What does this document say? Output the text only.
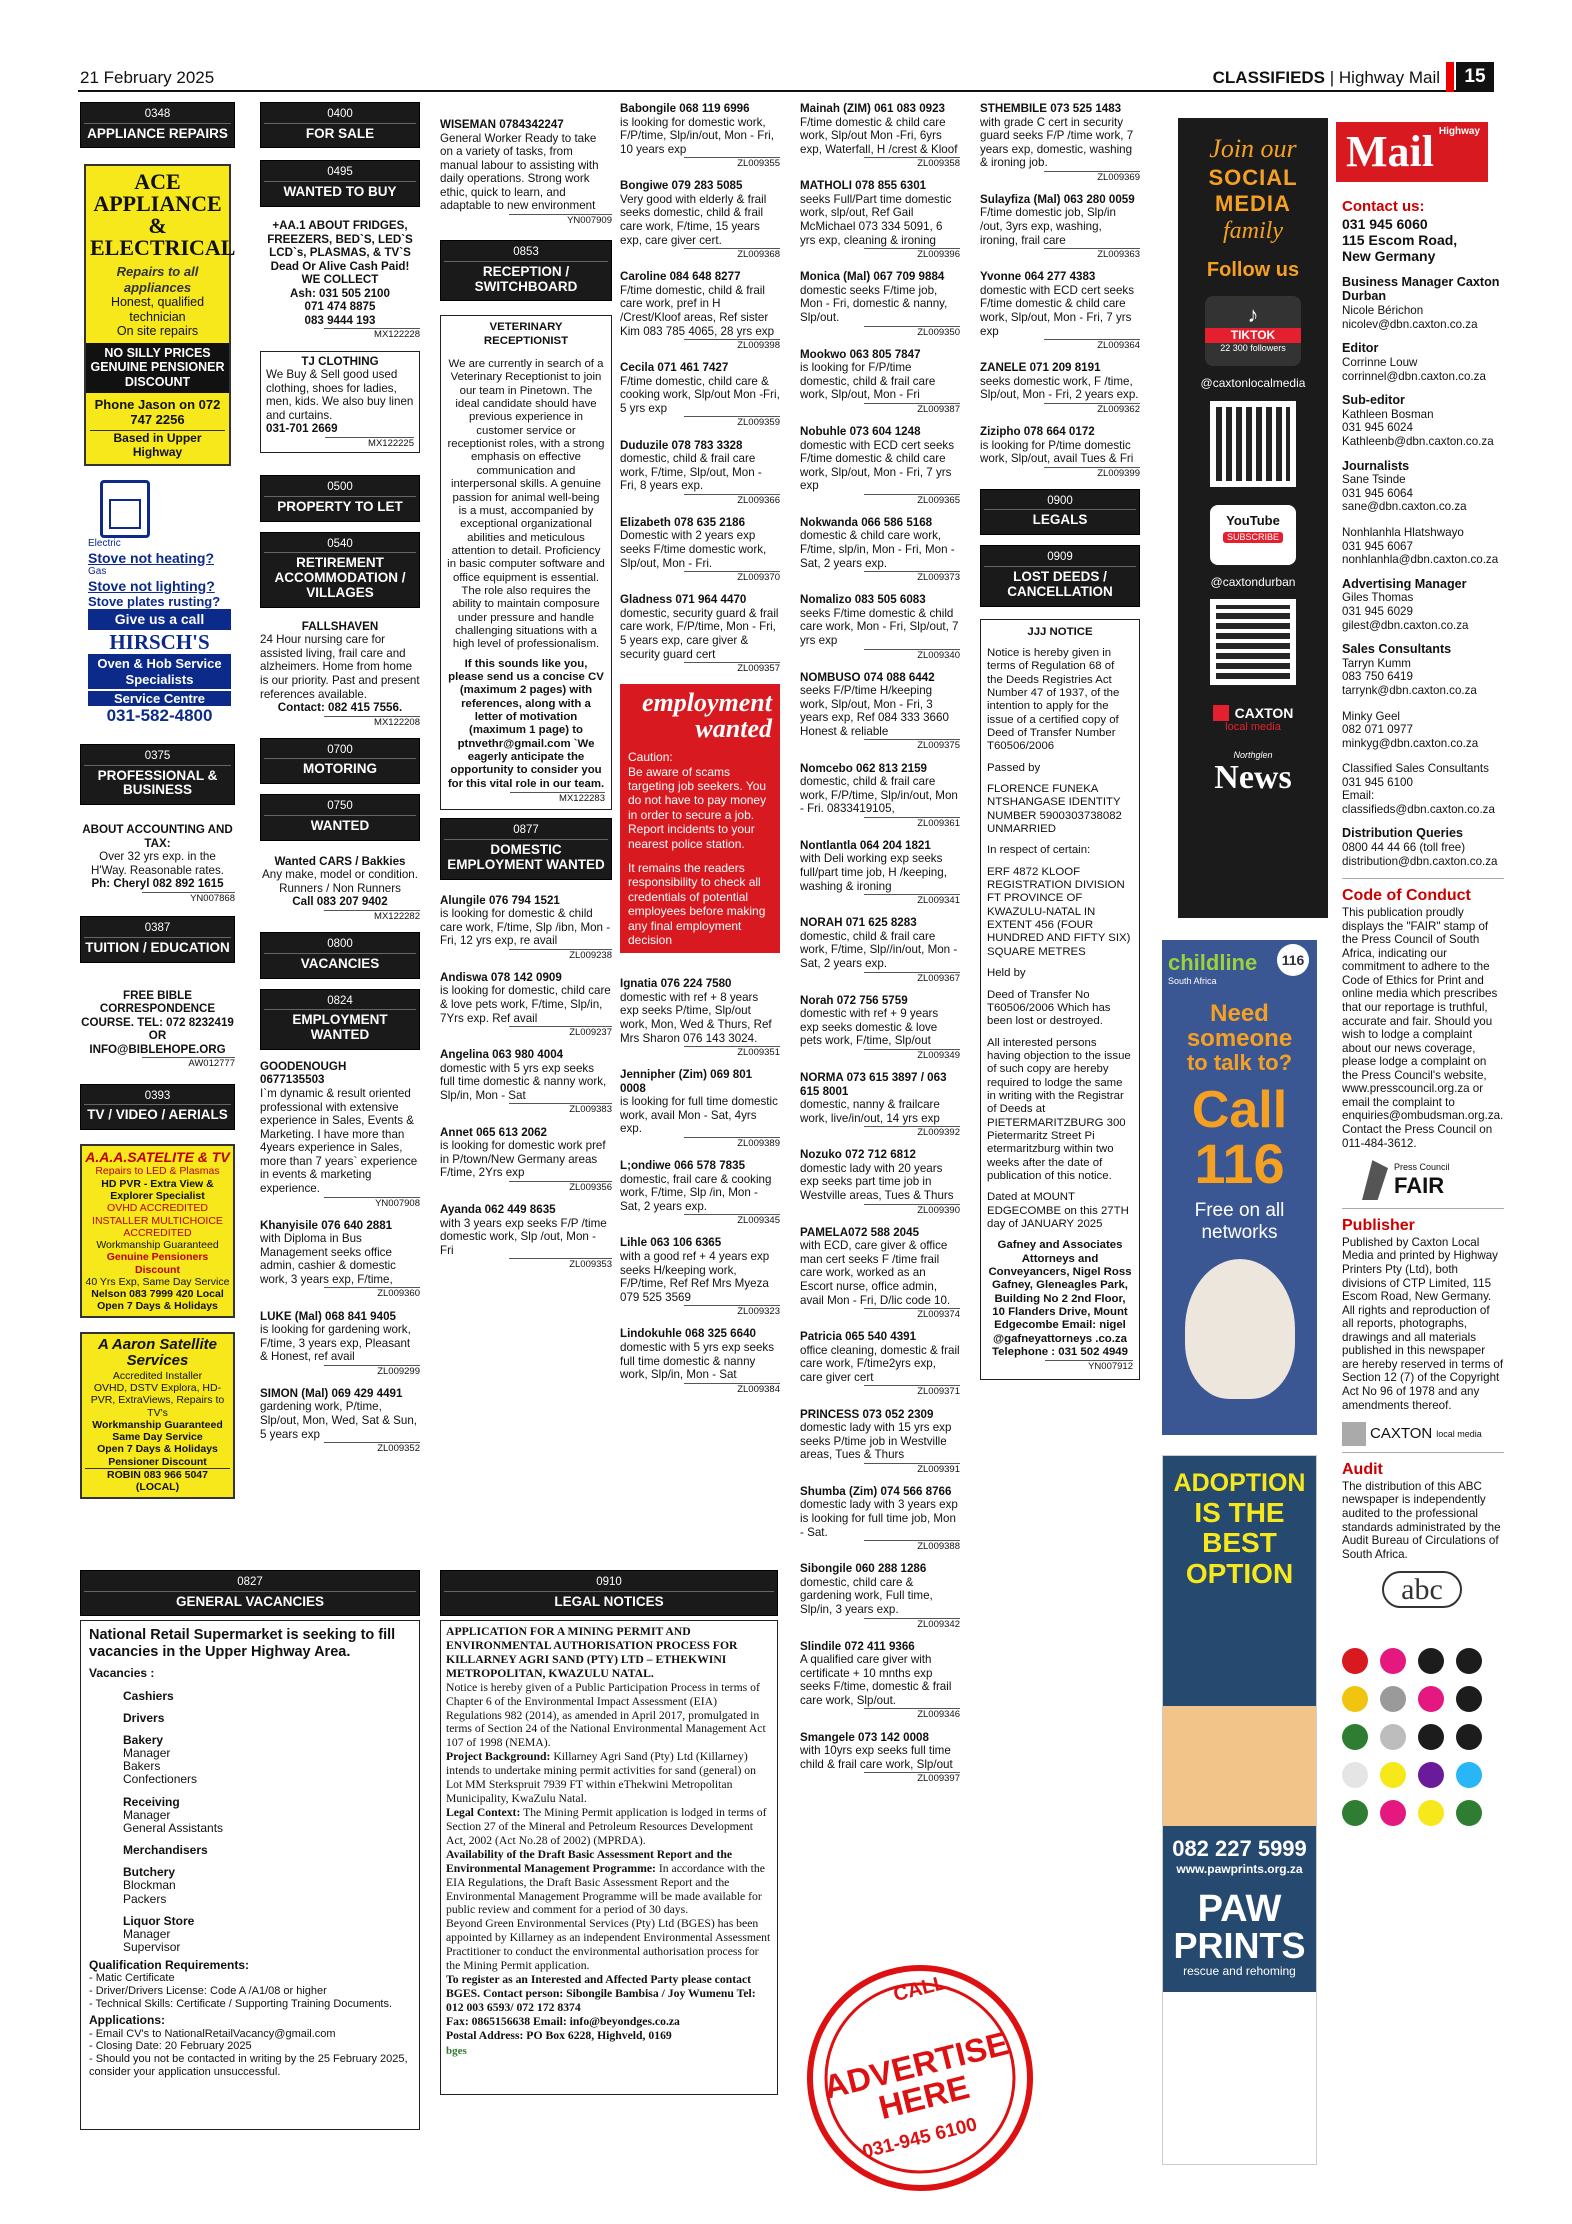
21 February 2025	CLASSIFIEDS | Highway Mail	15
0348
APPLIANCE REPAIRS
ACE APPLIANCE & ELECTRICAL
Repairs to all appliances
Honest, qualified technician
On site repairs
NO SILLY PRICES GENUINE PENSIONER DISCOUNT
Phone Jason on 072 747 2256
Based in Upper Highway
Electric
Stove not heating?
Gas
Stove not lighting?
Stove plates rusting?
Give us a call
HIRSCH'S
Oven & Hob Service Specialists
Service Centre
031-582-4800
0375
PROFESSIONAL & BUSINESS
ABOUT ACCOUNTING AND TAX:
Over 32 yrs exp. in the H'Way. Reasonable rates.
Ph: Cheryl 082 892 1615
YN007868
0387
TUITION / EDUCATION
FREE BIBLE CORRESPONDENCE COURSE. TEL: 072 8232419 OR INFO@BIBLEHOPE.ORG
AW012777
0393
TV / VIDEO / AERIALS
A.A.A.SATELITE & TV
Repairs to LED & Plasmas
HD PVR - Extra View & Explorer Specialist
OVHD ACCREDITED INSTALLER MULTICHOICE ACCREDITED
Workmanship Guaranteed
Genuine Pensioners Discount
40 Yrs Exp, Same Day Service
Nelson 083 7999 420 Local
Open 7 Days & Holidays
A Aaron Satellite Services
Accredited Installer
OVHD, DSTV Explora, HD-PVR, ExtraViews, Repairs to TV's
Workmanship Guaranteed
Same Day Service
Open 7 Days & Holidays
Pensioner Discount
ROBIN 083 966 5047 (LOCAL)
0400
FOR SALE
0495
WANTED TO BUY
+AA.1 ABOUT FRIDGES, FREEZERS, BED`S, LED`S LCD`s, PLASMAS, & TV`S
Dead Or Alive Cash Paid!
WE COLLECT
Ash: 031 505 2100
071 474 8875
083 9444 193
MX122228
TJ CLOTHING
We Buy & Sell good used clothing, shoes for ladies, men, kids. We also buy linen and curtains.
031-701 2669
MX122225
0500
PROPERTY TO LET
0540
RETIREMENT ACCOMMODATION / VILLAGES
FALLSHAVEN
24 Hour nursing care for assisted living, frail care and alzheimers. Home from home is our priority. Past and present references available.
Contact: 082 415 7556.
MX122208
0700
MOTORING
0750
WANTED
Wanted CARS / Bakkies
Any make, model or condition. Runners / Non Runners
Call 083 207 9402
MX122282
0800
VACANCIES
0824
EMPLOYMENT WANTED
GOODENOUGH
0677135503
I`m dynamic & result oriented professional with extensive experience in Sales, Events & Marketing. I have more than 4years experience in Sales, more than 7 years` experience in events & marketing experience.
YN007908
Khanyisile 076 640 2881
with Diploma in Bus Management seeks office admin, cashier & domestic work, 3 years exp, F/time,
ZL009360
LUKE (Mal) 068 841 9405
is looking for gardening work, F/time, 3 years exp, Pleasant & Honest, ref avail
ZL009299
SIMON (Mal) 069 429 4491
gardening work, P/time, Slp/out, Mon, Wed, Sat & Sun, 5 years exp
ZL009352
0827
GENERAL VACANCIES
National Retail Supermarket is seeking to fill vacancies in the Upper Highway Area.
Vacancies :
Cashiers
Drivers
Bakery
Manager
Bakers
Confectioners
Receiving
Manager
General Assistants
Merchandisers
Butchery
Blockman
Packers
Liquor Store
Manager
Supervisor
Qualification Requirements:
- Matic Certificate
- Driver/Drivers License: Code A /A1/08 or higher
- Technical Skills: Certificate / Supporting Training Documents.
Applications:
- Email CV's to NationalRetailVacancy@gmail.com
- Closing Date: 20 February 2025
- Should you not be contacted in writing by the 25 February 2025, consider your application unsuccessful.
WISEMAN 0784342247
General Worker Ready to take on a variety of tasks, from manual labour to assisting with daily operations. Strong work ethic, quick to learn, and adaptable to new environment
YN007909
0853
RECEPTION / SWITCHBOARD
VETERINARY RECEPTIONIST
We are currently in search of a Veterinary Receptionist to join our team in Pinetown. The ideal candidate should have previous experience in customer service or receptionist roles, with a strong emphasis on effective communication and interpersonal skills. A genuine passion for animal well-being is a must, accompanied by exceptional organizational abilities and meticulous attention to detail. Proficiency in basic computer software and office equipment is essential. The role also requires the ability to maintain composure under pressure and handle challenging situations with a high level of professionalism.
If this sounds like you, please send us a concise CV (maximum 2 pages) with references, along with a letter of motivation (maximum 1 page) to ptnvethr@gmail.com `We eagerly anticipate the opportunity to consider you for this vital role in our team.
MX122283
0877
DOMESTIC EMPLOYMENT WANTED
Alungile 076 794 1521
is looking for domestic & child care work, F/time, Slp /ibn, Mon - Fri, 12 yrs exp, re avail
ZL009238
Andiswa 078 142 0909
is looking for domestic, child care & love pets work, F/time, Slp/in, 7Yrs exp. Ref avail
ZL009237
Angelina 063 980 4004
domestic with 5 yrs exp seeks full time domestic & nanny work, Slp/in, Mon - Sat
ZL009383
Annet 065 613 2062
is looking for domestic work pref in P/town/New Germany areas F/time, 2Yrs exp
ZL009356
Ayanda 062 449 8635
with 3 years exp seeks F/P /time domestic work, Slp /out, Mon - Fri
ZL009353
0910
LEGAL NOTICES
APPLICATION FOR A MINING PERMIT AND ENVIRONMENTAL AUTHORISATION PROCESS FOR KILLARNEY AGRI SAND (PTY) LTD – ETHEKWINI METROPOLITAN, KWAZULU NATAL.
Notice is hereby given of a Public Participation Process in terms of Chapter 6 of the Environmental Impact Assessment (EIA) Regulations 982 (2014), as amended in April 2017, promulgated in terms of Section 24 of the National Environmental Management Act 107 of 1998 (NEMA).
Project Background: Killarney Agri Sand (Pty) Ltd (Killarney) intends to undertake mining permit activities for sand (general) on Lot MM Sterkspruit 7939 FT within eThekwini Metropolitan Municipality, KwaZulu Natal.
Legal Context: The Mining Permit application is lodged in terms of Section 27 of the Mineral and Petroleum Resources Development Act, 2002 (Act No.28 of 2002) (MPRDA).
Availability of the Draft Basic Assessment Report and the Environmental Management Programme: In accordance with the EIA Regulations, the Draft Basic Assessment Report and the Environmental Management Programme will be made available for public review and comment for a period of 30 days.
Beyond Green Environmental Services (Pty) Ltd (BGES) has been appointed by Killarney as an independent Environmental Assessment Practitioner to conduct the environmental authorisation process for the Mining Permit application.
To register as an Interested and Affected Party please contact BGES. Contact person: Sibongile Bambisa / Joy Wumenu Tel: 012 003 6593/ 072 172 8374
Fax: 0865156638 Email: info@beyondges.co.za
Postal Address: PO Box 6228, Highveld, 0169
bges
CALL
ADVERTISE HERE
031-945 6100
Babongile 068 119 6996
is looking for domestic work, F/P/time, Slp/in/out, Mon - Fri, 10 years exp
ZL009355
Bongiwe 079 283 5085
Very good with elderly & frail seeks domestic, child & frail care work, F/time, 15 years exp, care giver cert.
ZL009368
Caroline 084 648 8277
F/time domestic, child & frail care work, pref in H /Crest/Kloof areas, Ref sister Kim 083 785 4065, 28 yrs exp
ZL009398
Cecila 071 461 7427
F/time domestic, child care & cooking work, Slp/out Mon -Fri, 5 yrs exp
ZL009359
Duduzile 078 783 3328
domestic, child & frail care work, F/time, Slp/out, Mon - Fri, 8 years exp.
ZL009366
Elizabeth 078 635 2186
Domestic with 2 years exp seeks F/time domestic work, Slp/out, Mon - Fri.
ZL009370
Gladness 071 964 4470
domestic, security guard & frail care work, F/P/time, Mon - Fri, 5 years exp, care giver & security guard cert
ZL009357
employment
wanted
Caution:
Be aware of scams targeting job seekers. You do not have to pay money in order to secure a job. Report incidents to your nearest police station.
It remains the readers responsibility to check all credentials of potential employees before making any final employment decision
Ignatia 076 224 7580
domestic with ref + 8 years exp seeks P/time, Slp/out work, Mon, Wed & Thurs, Ref Mrs Sharon 076 143 3024.
ZL009351
Jennipher (Zim) 069 801 0008
is looking for full time domestic work, avail Mon - Sat, 4yrs exp.
ZL009389
L;ondiwe 066 578 7835
domestic, frail care & cooking work, F/time, Slp /in, Mon - Sat, 2 years exp.
ZL009345
Lihle 063 106 6365
with a good ref + 4 years exp seeks H/keeping work, F/P/time, Ref Ref Mrs Myeza 079 525 3569
ZL009323
Lindokuhle 068 325 6640
domestic with 5 yrs exp seeks full time domestic & nanny work, Slp/in, Mon - Sat
ZL009384
Mainah (ZIM) 061 083 0923
F/time domestic & child care work, Slp/out Mon -Fri, 6yrs exp, Waterfall, H /crest & Kloof
ZL009358
MATHOLI 078 855 6301
seeks Full/Part time domestic work, slp/out, Ref Gail McMichael 073 334 5091, 6 yrs exp, cleaning & ironing
ZL009396
Monica (Mal) 067 709 9884
domestic seeks F/time job, Mon - Fri, domestic & nanny, Slp/out.
ZL009350
Mookwo 063 805 7847
is looking for F/P/time domestic, child & frail care work, Slp/out, Mon - Fri
ZL009387
Nobuhle 073 604 1248
domestic with ECD cert seeks F/time domestic & child care work, Slp/out, Mon - Fri, 7 yrs exp
ZL009365
Nokwanda 066 586 5168
domestic & child care work, F/time, slp/in, Mon - Fri, Mon - Sat, 2 years exp.
ZL009373
Nomalizo 083 505 6083
seeks F/time domestic & child care work, Mon - Fri, Slp/out, 7 yrs exp
ZL009340
NOMBUSO 074 088 6442
seeks F/P/time H/keeping work, Slp/out, Mon - Fri, 3 years exp, Ref 084 333 3660 Honest & reliable
ZL009375
Nomcebo 062 813 2159
domestic, child & frail care work, F/P/time, Slp/in/out, Mon - Fri. 0833419105,
ZL009361
Nontlantla 064 204 1821
with Deli working exp seeks full/part time job, H /keeping, washing & ironing
ZL009341
NORAH 071 625 8283
domestic, child & frail care work, F/time, Slp//in/out, Mon - Sat, 2 years exp.
ZL009367
Norah 072 756 5759
domestic with ref + 9 years exp seeks domestic & love pets work, F/time, Slp/out
ZL009349
NORMA 073 615 3897 / 063 615 8001
domestic, nanny & frailcare work, live/in/out, 14 yrs exp
ZL009392
Nozuko 072 712 6812
domestic lady with 20 years exp seeks part time job in Westville areas, Tues & Thurs
ZL009390
PAMELA072 588 2045
with ECD, care giver & office man cert seeks F /time frail care work, worked as an Escort nurse, office admin, avail Mon - Fri, D/lic code 10.
ZL009374
Patricia 065 540 4391
office cleaning, domestic & frail care work, F/time2yrs exp, care giver cert
ZL009371
PRINCESS 073 052 2309
domestic lady with 15 yrs exp seeks P/time job in Westville areas, Tues & Thurs
ZL009391
Shumba (Zim) 074 566 8766
domestic lady with 3 years exp is looking for full time job, Mon - Sat.
ZL009388
Sibongile 060 288 1286
domestic, child care & gardening work, Full time, Slp/in, 3 years exp.
ZL009342
Slindile 072 411 9366
A qualified care giver with certificate + 10 mnths exp seeks F/time, domestic & frail care work, Slp/out.
ZL009346
Smangele 073 142 0008
with 10yrs exp seeks full time child & frail care work, Slp/out
ZL009397
STHEMBILE 073 525 1483
with grade C cert in security guard seeks F/P /time work, 7 years exp, domestic, washing & ironing job.
ZL009369
Sulayfiza (Mal) 063 280 0059
F/time domestic job, Slp/in /out, 3yrs exp, washing, ironing, frail care
ZL009363
Yvonne 064 277 4383
domestic with ECD cert seeks F/time domestic & child care work, Slp/out, Mon - Fri, 7 yrs exp
ZL009364
ZANELE 071 209 8191
seeks domestic work, F /time, Slp/out, Mon - Fri, 2 years exp.
ZL009362
Zizipho 078 664 0172
is looking for P/time domestic work, Slp/out, avail Tues & Fri
ZL009399
0900
LEGALS
0909
LOST DEEDS / CANCELLATION
JJJ NOTICE
Notice is hereby given in terms of Regulation 68 of the Deeds Registries Act Number 47 of 1937, of the intention to apply for the issue of a certified copy of Deed of Transfer Number T60506/2006
Passed by
FLORENCE FUNEKA NTSHANGASE IDENTITY NUMBER 5900303738082 UNMARRIED
In respect of certain:
ERF 4872 KLOOF REGISTRATION DIVISION FT PROVINCE OF KWAZULU-NATAL IN EXTENT 456 (FOUR HUNDRED AND FIFTY SIX) SQUARE METRES
Held by
Deed of Transfer No T60506/2006 Which has been lost or destroyed.
All interested persons having objection to the issue of such copy are hereby required to lodge the same in writing with the Registrar of Deeds at PIETERMARITZBURG 300 Pietermaritz Street Pi etermaritzburg within two weeks after the date of publication of this notice.
Dated at MOUNT EDGECOMBE on this 27TH day of JANUARY 2025
Gafney and Associates Attorneys and Conveyancers, Nigel Ross Gafney, Gleneagles Park, Building No 2 2nd Floor, 10 Flanders Drive, Mount Edgecombe Email: nigel @gafneyattorneys .co.za Telephone : 031 502 4949
YN007912
Join our
SOCIAL
MEDIA
family
Follow us
♪
TIKTOK
22 300 followers
@caxtonlocalmedia
YouTube
SUBSCRIBE
@caxtondurban
CAXTON
local media
Northglen
News
childline	116
South Africa
Need
someone
to talk to?
Call
116
Free on all networks
ADOPTION
IS THE
BEST
OPTION
082 227 5999
www.pawprints.org.za
PAW
PRINTS
rescue and rehoming
Highway
Mail
Contact us:
031 945 6060
115 Escom Road,
New Germany
Business Manager Caxton Durban
Nicole Bérichon
nicolev@dbn.caxton.co.za
Editor
Corrinne Louw
corrinnel@dbn.caxton.co.za
Sub-editor
Kathleen Bosman
031 945 6024
Kathleenb@dbn.caxton.co.za
Journalists
Sane Tsinde
031 945 6064
sane@dbn.caxton.co.za
Nonhlanhla Hlatshwayo
031 945 6067
nonhlanhla@dbn.caxton.co.za
Advertising Manager
Giles Thomas
031 945 6029
gilest@dbn.caxton.co.za
Sales Consultants
Tarryn Kumm
083 750 6419
tarrynk@dbn.caxton.co.za
Minky Geel
082 071 0977
minkyg@dbn.caxton.co.za
Classified Sales Consultants
031 945 6100
Email:
classifieds@dbn.caxton.co.za
Distribution Queries
0800 44 44 66 (toll free)
distribution@dbn.caxton.co.za
Code of Conduct
This publication proudly displays the "FAIR" stamp of the Press Council of South Africa, indicating our commitment to adhere to the Code of Ethics for Print and online media which prescribes that our reportage is truthful, accurate and fair. Should you wish to lodge a complaint about our news coverage, please lodge a complaint on the Press Council's website, www.presscouncil.org.za or email the complaint to enquiries@ombudsman.org.za. Contact the Press Council on 011-484-3612.
Press Council
FAIR
Publisher
Published by Caxton Local Media and printed by Highway Printers Pty (Ltd), both divisions of CTP Limited, 115 Escom Road, New Germany. All rights and reproduction of all reports, photographs, drawings and all materials published in this newspaper are hereby reserved in terms of Section 12 (7) of the Copyright Act No 96 of 1978 and any amendments thereof.
CAXTON local media
Audit
The distribution of this ABC newspaper is independently audited to the professional standards administrated by the Audit Bureau of Circulations of South Africa.
abc
